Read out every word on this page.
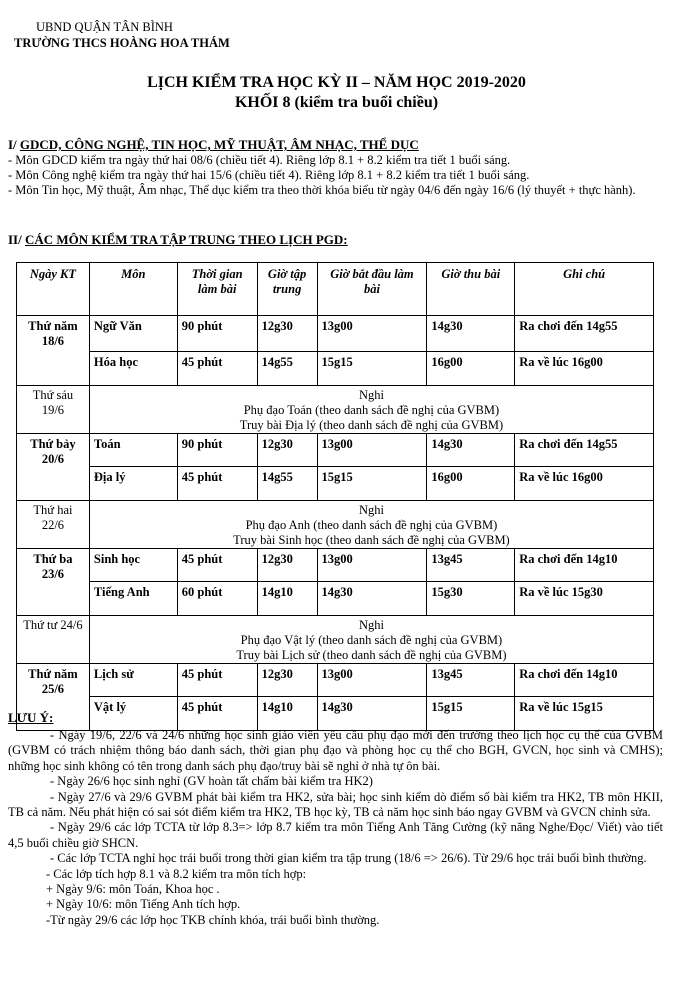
UBND QUẬN TÂN BÌNH
TRƯỜNG THCS HOÀNG HOA THÁM
LỊCH KIỂM TRA HỌC KỲ II – NĂM HỌC 2019-2020
KHỐI 8 (kiểm tra buổi chiều)
I/ GDCD, CÔNG NGHỆ, TIN HỌC, MỸ THUẬT, ÂM NHẠC, THỂ DỤC
- Môn GDCD kiểm tra ngày thứ hai 08/6 (chiều tiết 4). Riêng lớp 8.1 + 8.2 kiểm tra tiết 1 buổi sáng.
- Môn Công nghệ kiểm tra ngày thứ hai 15/6 (chiều tiết 4). Riêng lớp 8.1 + 8.2 kiểm tra tiết 1 buổi sáng.
- Môn Tin học, Mỹ thuật, Âm nhạc, Thể dục kiểm tra theo thời khóa biểu từ ngày 04/6 đến ngày 16/6 (lý thuyết + thực hành).
II/ CÁC MÔN KIỂM TRA TẬP TRUNG THEO LỊCH PGD:
Ngày KT	Môn	Thời gian làm bài	Giờ tập trung	Giờ bắt đầu làm bài	Giờ thu bài	Ghi chú
Thứ năm 18/6	Ngữ Văn	90 phút	12g30	13g00	14g30	Ra chơi đến 14g55
	Hóa học	45 phút	14g55	15g15	16g00	Ra về lúc 16g00
Thứ sáu 19/6	Nghỉ
Phụ đạo Toán (theo danh sách đề nghị của GVBM)
Truy bài Địa lý (theo danh sách đề nghị của GVBM)					

Thứ bảy 20/6	Toán	90 phút	12g30	13g00	14g30	Ra chơi đến 14g55
	Địa lý	45 phút	14g55	15g15	16g00	Ra về lúc 16g00
Thứ hai 22/6	Nghỉ
Phụ đạo Anh (theo danh sách đề nghị của GVBM)
Truy bài Sinh học (theo danh sách đề nghị của GVBM)					

Thứ ba 23/6	Sinh học	45 phút	12g30	13g00	13g45	Ra chơi đến 14g10
	Tiếng Anh	60 phút	14g10	14g30	15g30	Ra về lúc 15g30
Thứ tư 24/6	Nghỉ
Phụ đạo Vật lý (theo danh sách đề nghị của GVBM)
Truy bài Lịch sử (theo danh sách đề nghị của GVBM)					

Thứ năm 25/6	Lịch sử	45 phút	12g30	13g00	13g45	Ra chơi đến 14g10
	Vật lý	45 phút	14g10	14g30	15g15	Ra về lúc 15g15
LƯU Ý:

- Ngày 19/6, 22/6 và 24/6 những học sinh giáo viên yêu cầu phụ đạo mới đến trường theo lịch học cụ thể của GVBM (GVBM có trách nhiệm thông báo danh sách, thời gian phụ đạo và phòng học cụ thể cho BGH, GVCN, học sinh và CMHS); những học sinh không có tên trong danh sách phụ đạo/truy bài sẽ nghỉ ở nhà tự ôn bài.

- Ngày 26/6 học sinh nghỉ (GV hoàn tất chấm bài kiểm tra HK2)

- Ngày 27/6 và 29/6 GVBM phát bài kiểm tra HK2, sửa bài; học sinh kiểm dò điểm số bài kiểm tra HK2, TB môn HKII, TB cả năm. Nếu phát hiện có sai sót điểm kiểm tra HK2, TB học kỳ, TB cả năm học sinh báo ngay GVBM và GVCN chỉnh sửa.

- Ngày 29/6 các lớp TCTA từ lớp 8.3=> lớp 8.7 kiểm tra môn Tiếng Anh Tăng Cường (kỹ năng Nghe/Đọc/ Viết) vào tiết 4,5 buổi chiều giờ SHCN.

- Các lớp TCTA nghỉ học trái buổi trong thời gian kiểm tra tập trung (18/6 => 26/6). Từ 29/6 học trái buổi bình thường.

- Các lớp tích hợp 8.1 và 8.2 kiểm tra môn tích hợp:

+ Ngày 9/6: môn Toán, Khoa học .

+ Ngày 10/6: môn Tiếng Anh tích hợp.

-Từ ngày 29/6 các lớp học TKB chính khóa, trái buổi bình thường.
